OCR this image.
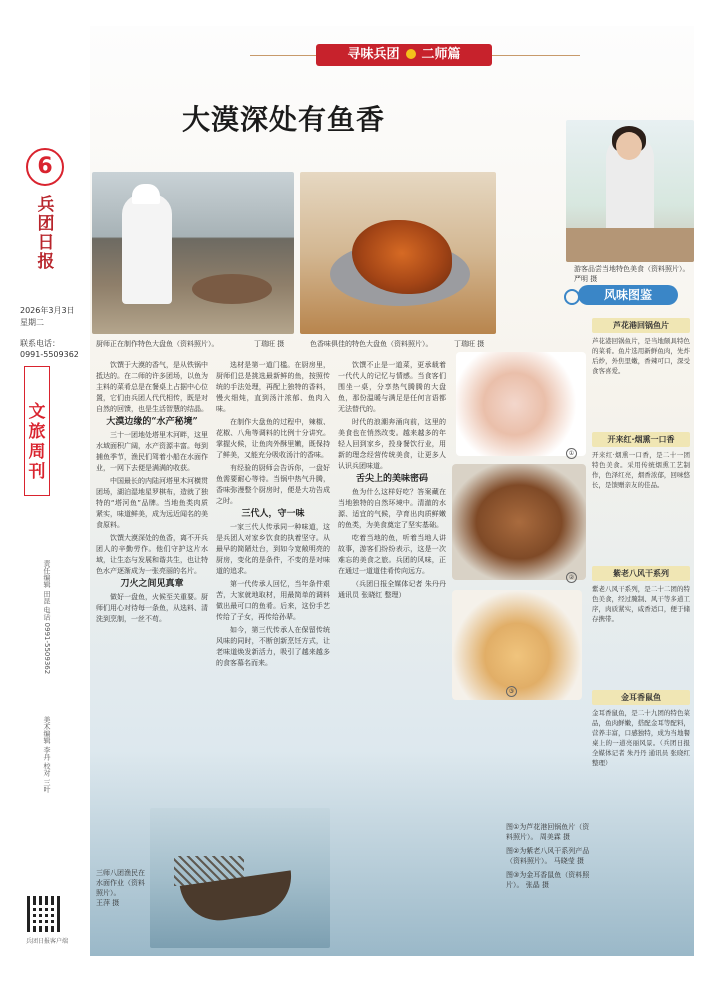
6
兵团日报
2026年3月3日
星期二
联系电话：
0991-5509362
文旅周刊
责任编辑 田昆 电话 0991-5509362
美术编辑 李丹 校对 三叶
兵团日报客户端
寻味兵团 二师篇
大漠深处有鱼香
厨师正在制作特色大盘鱼（资料照片）。	丁瑞旺 摄	色香味俱佳的特色大盘鱼（资料照片）。	丁瑞旺 摄
游客品尝当地特色美食（资料照片）。 严明 摄

饮馔于大漠的香气，是从铁锅中抵达的。在二师的许多团场，以鱼为主料的菜肴总是在餐桌上占据中心位置，它们由兵团人代代相传，既是对自然的回馈，也是生活智慧的结晶。

大漠边缘的“水产秘境”

三十一团地处塔里木河畔，这里水域面积广阔，水产资源丰富。每到捕鱼季节，渔民们驾着小船在水面作业，一网下去便是满满的收获。

中国最长的内陆河塔里木河横贯团场，湖泊湿地星罗棋布，造就了独特的“塔河鱼”品牌。当地鱼类肉质紧实，味道鲜美，成为远近闻名的美食原料。

饮馔大漠深处的鱼香，离不开兵团人的辛勤劳作。他们守护这片水域，让生态与发展和谐共生，也让特色水产逐渐成为一张亮丽的名片。

刀火之间见真章

做好一盘鱼，火候至关重要。厨师们用心对待每一条鱼，从选料、清洗到烹制，一丝不苟。

选材是第一道门槛。在厨房里，厨师们总是挑选最新鲜的鱼，按照传统的手法处理，再配上独特的香料，慢火细炖，直到汤汁浓郁、鱼肉入味。

在制作大盘鱼的过程中，辣椒、花椒、八角等调料的比例十分讲究。掌握火候，让鱼肉外酥里嫩，既保持了鲜美，又能充分吸收汤汁的香味。

有经验的厨师会告诉你，一盘好鱼需要耐心等待。当锅中热气升腾，香味弥漫整个厨房时，便是大功告成之时。

三代人，守一味

一家三代人传承同一种味道，这是兵团人对家乡饮食的执着坚守。从最早的简陋灶台，到如今宽敞明亮的厨房，变化的是条件，不变的是对味道的追求。

第一代传承人回忆，当年条件艰苦，大家就地取材，用最简单的调料做出最可口的鱼肴。后来，这份手艺传给了子女，再传给孙辈。

如今，第三代传承人在保留传统风味的同时，不断创新烹饪方式，让老味道焕发新活力，吸引了越来越多的食客慕名而来。

饮馔不止是一道菜，更承载着一代代人的记忆与情感。当食客们围坐一桌，分享热气腾腾的大盘鱼，那份温暖与满足是任何言语都无法替代的。

时代的浪潮奔涌向前，这里的美食也在悄然改变。越来越多的年轻人回到家乡，投身餐饮行业，用新的理念经营传统美食，让更多人认识兵团味道。

舌尖上的美味密码

鱼为什么这样好吃？答案藏在当地独特的自然环境中。清澈的水源、适宜的气候，孕育出肉质鲜嫩的鱼类，为美食奠定了坚实基础。

吃着当地的鱼，听着当地人讲故事，游客们纷纷表示，这是一次难忘的美食之旅。兵团的风味，正在通过一道道佳肴传向远方。

（兵团日报全媒体记者 朱丹丹 通讯员 张晓红 整理）

①
②
③
图①为芦花港回锅鱼片（资料照片）。 周美霖 摄
图②为紫老八风干系列产品（资料照片）。 马晓莹 摄
图③为金耳香鼠鱼（资料照片）。 张晶 摄
风味图鉴
芦花港回锅鱼片
芦花港回锅鱼片，是当地颇具特色的菜肴。鱼片选用新鲜鱼肉，先炸后炒，外焦里嫩，香辣可口，深受食客喜爱。
开来红·烟熏一口香
开来红·烟熏一口香，是二十一团特色美食。采用传统烟熏工艺制作，色泽红亮，烟香浓郁，回味悠长，是馈赠亲友的佳品。
紫老八风干系列
紫老八风干系列，是二十二团的特色美食，经过腌制、风干等多道工序，肉质紧实，咸香适口，便于储存携带。
金耳香鼠鱼
金耳香鼠鱼，是二十九团的特色菜品，鱼肉鲜嫩，搭配金耳等配料，营养丰富，口感独特，成为当地餐桌上的一道亮丽风景。（兵团日报全媒体记者 朱丹丹 通讯员 张晓红 整理）
三师八团渔民在水面作业（资料照片）。
王萍 摄
